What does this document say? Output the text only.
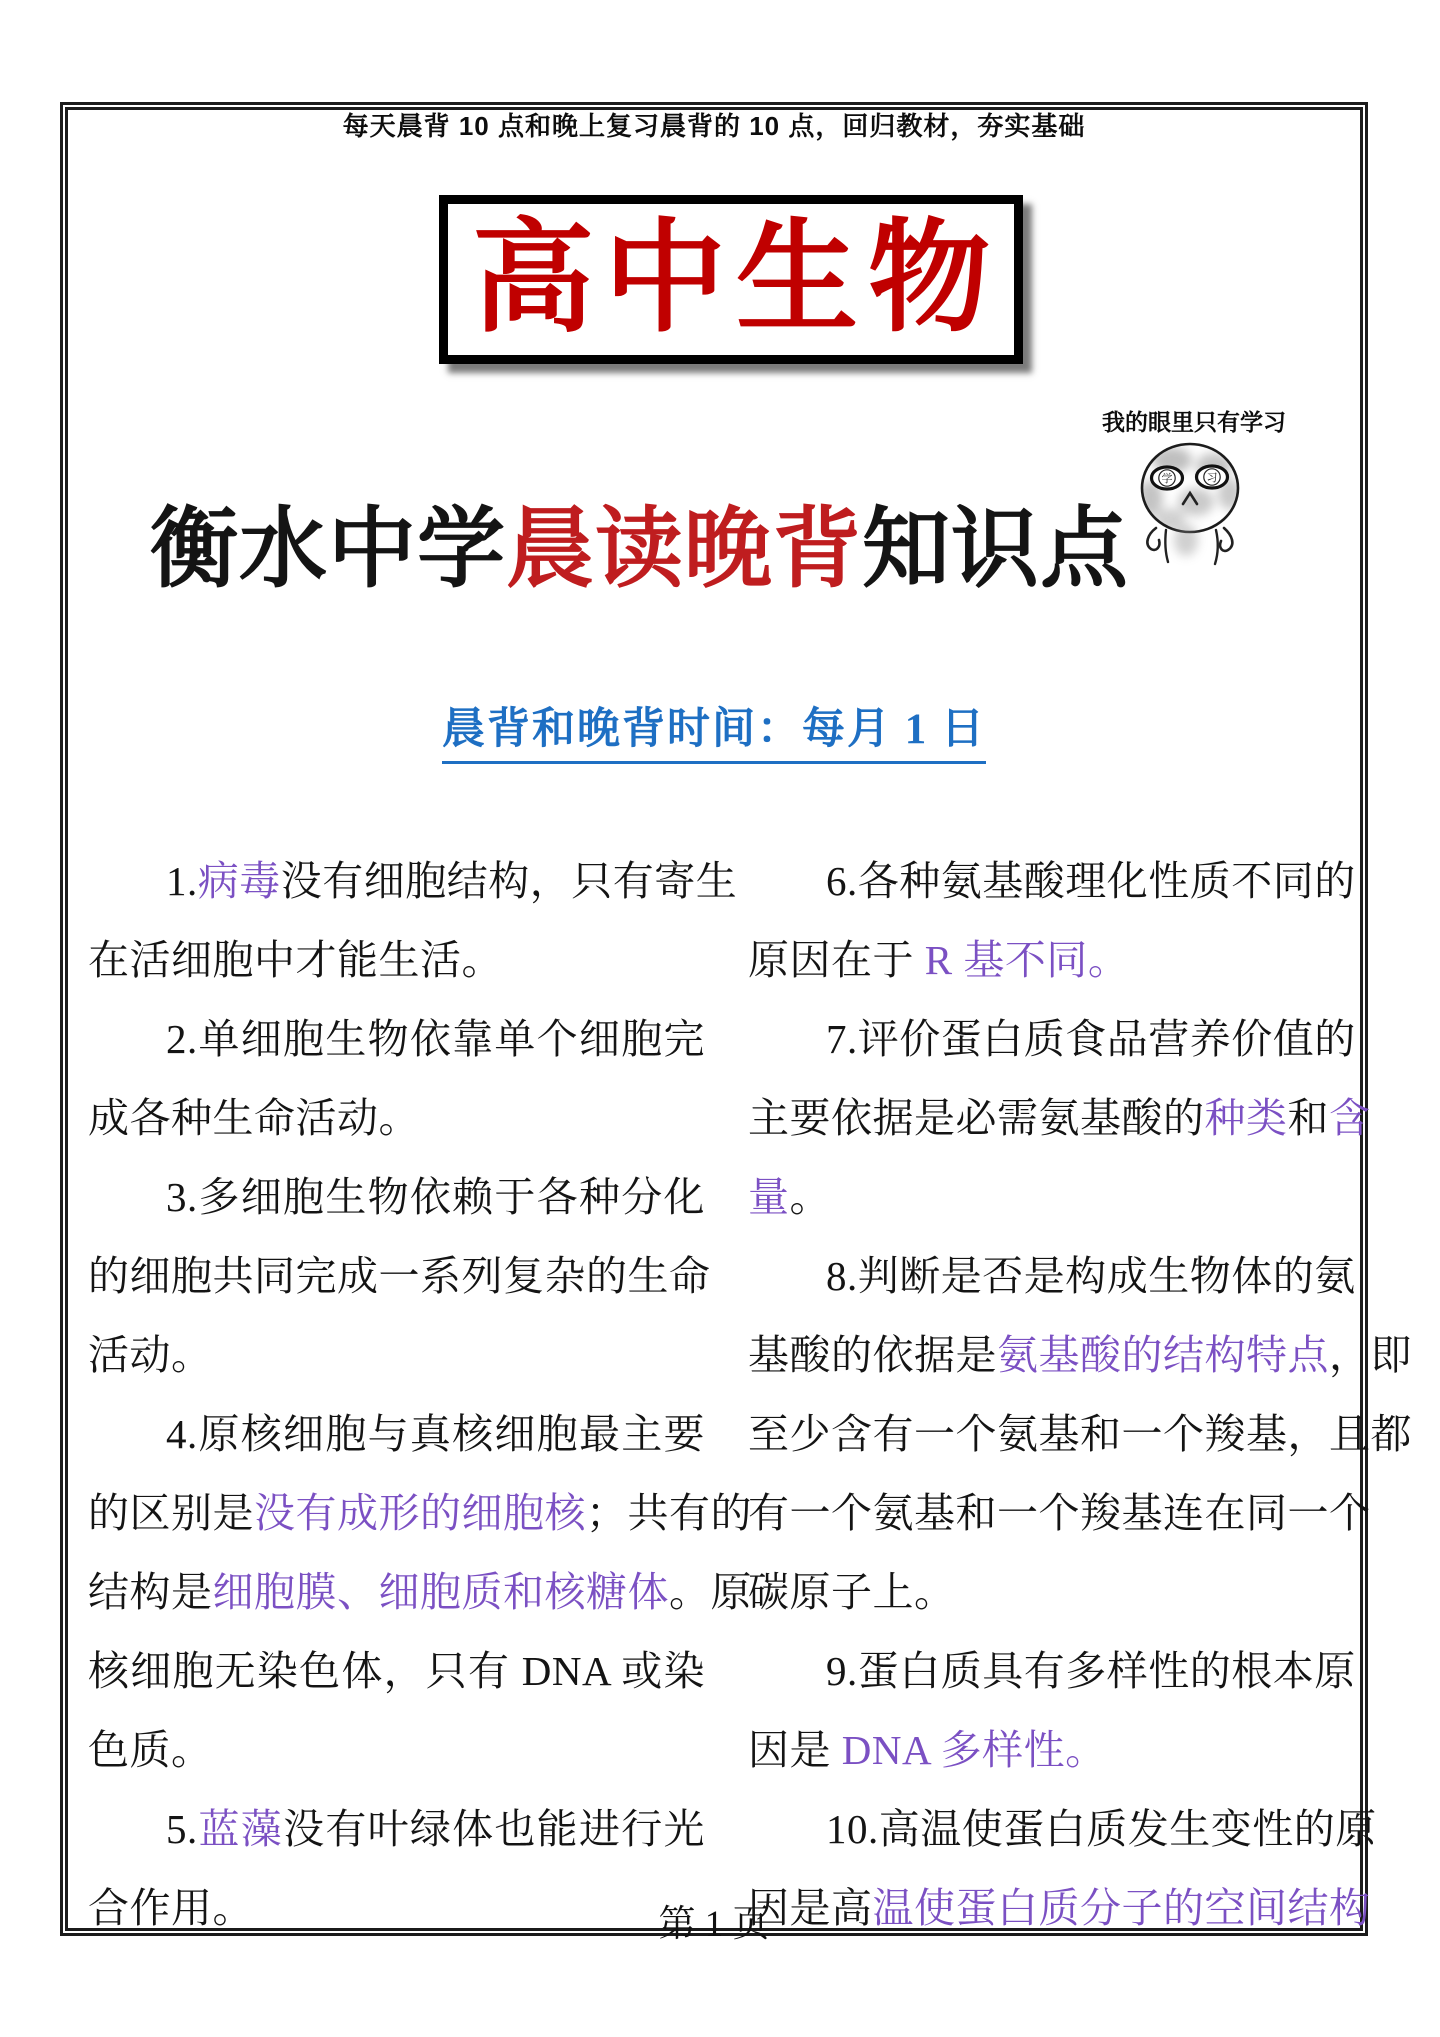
每天晨背 10 点和晚上复习晨背的 10 点，回归教材，夯实基础
高中生物
我的眼里只有学习
学	习
衡水中学晨读晚背知识点
晨背和晚背时间：每月 1 日
1.病毒没有细胞结构，只有寄生
在活细胞中才能生活。
2.单细胞生物依靠单个细胞完
成各种生命活动。
3.多细胞生物依赖于各种分化
的细胞共同完成一系列复杂的生命
活动。
4.原核细胞与真核细胞最主要
的区别是没有成形的细胞核；共有的
结构是细胞膜、细胞质和核糖体。原
核细胞无染色体，只有 DNA 或染
色质。
5.蓝藻没有叶绿体也能进行光
合作用。
6.各种氨基酸理化性质不同的
原因在于 R 基不同。
7.评价蛋白质食品营养价值的
主要依据是必需氨基酸的种类和含
量。
8.判断是否是构成生物体的氨
基酸的依据是氨基酸的结构特点，即
至少含有一个氨基和一个羧基，且都
有一个氨基和一个羧基连在同一个
碳原子上。
9.蛋白质具有多样性的根本原
因是 DNA 多样性。
10.高温使蛋白质发生变性的原
因是高温使蛋白质分子的空间结构
第 1 页
